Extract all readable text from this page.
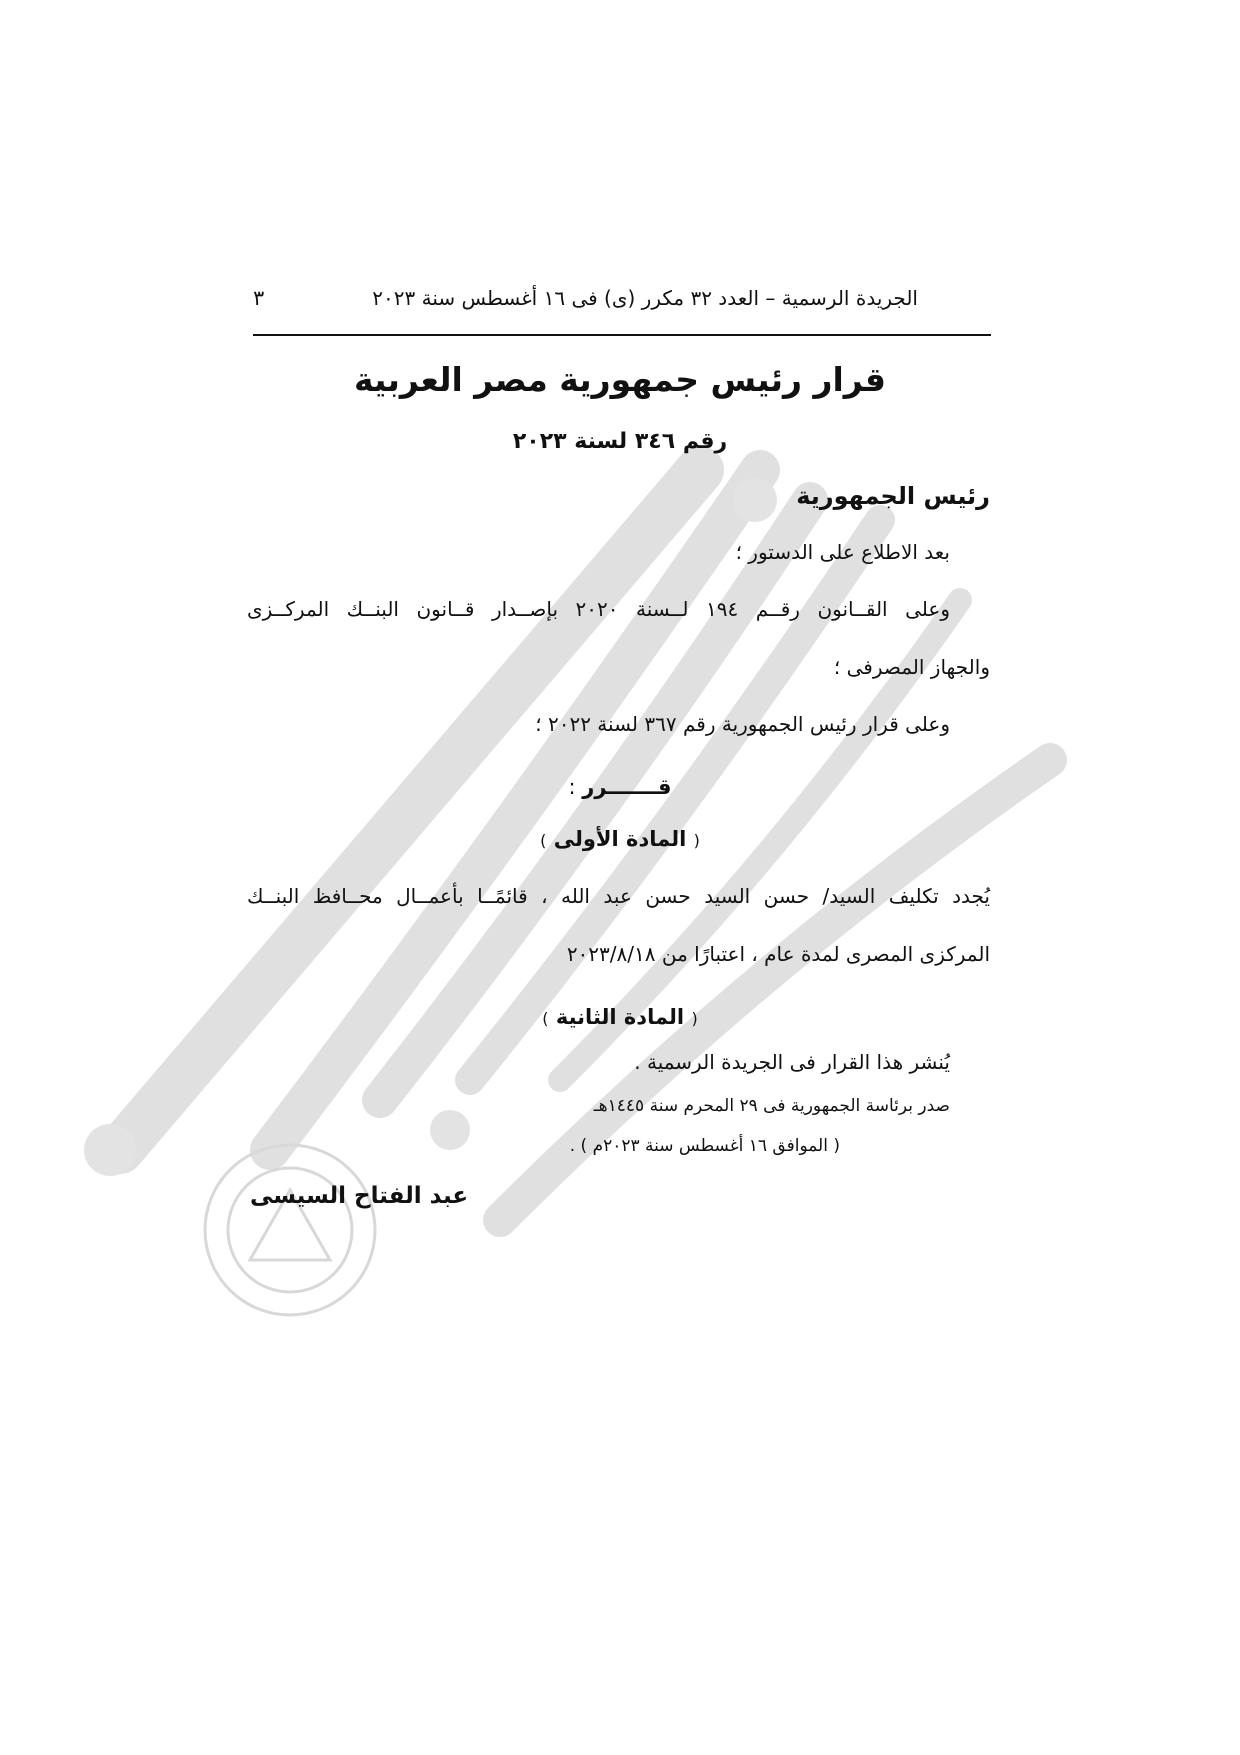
الجريدة الرسمية – العدد ٣٢ مكرر (ى) فى ١٦ أغسطس سنة ٢٠٢٣
٣
قرار رئيس جمهورية مصر العربية
رقم ٣٤٦ لسنة ٢٠٢٣
رئيس الجمهورية
بعد الاطلاع على الدستور ؛
وعلى القــانون رقــم ١٩٤ لــسنة ٢٠٢٠ بإصــدار قــانون البنــك المركــزى
والجهاز المصرفى ؛
وعلى قرار رئيس الجمهورية رقم ٣٦٧ لسنة ٢٠٢٢ ؛
قـــــــرر :
( المادة الأولى )
يُجدد تكليف السيد/ حسن السيد حسن عبد الله ، قائمًــا بأعمــال محــافظ البنــك
المركزى المصرى لمدة عام ، اعتبارًا من ٢٠٢٣/٨/١٨
( المادة الثانية )
يُنشر هذا القرار فى الجريدة الرسمية .
صدر برئاسة الجمهورية فى ٢٩ المحرم سنة ١٤٤٥هـ
( الموافق ١٦ أغسطس سنة ٢٠٢٣م ) .
عبد الفتاح السيسى
